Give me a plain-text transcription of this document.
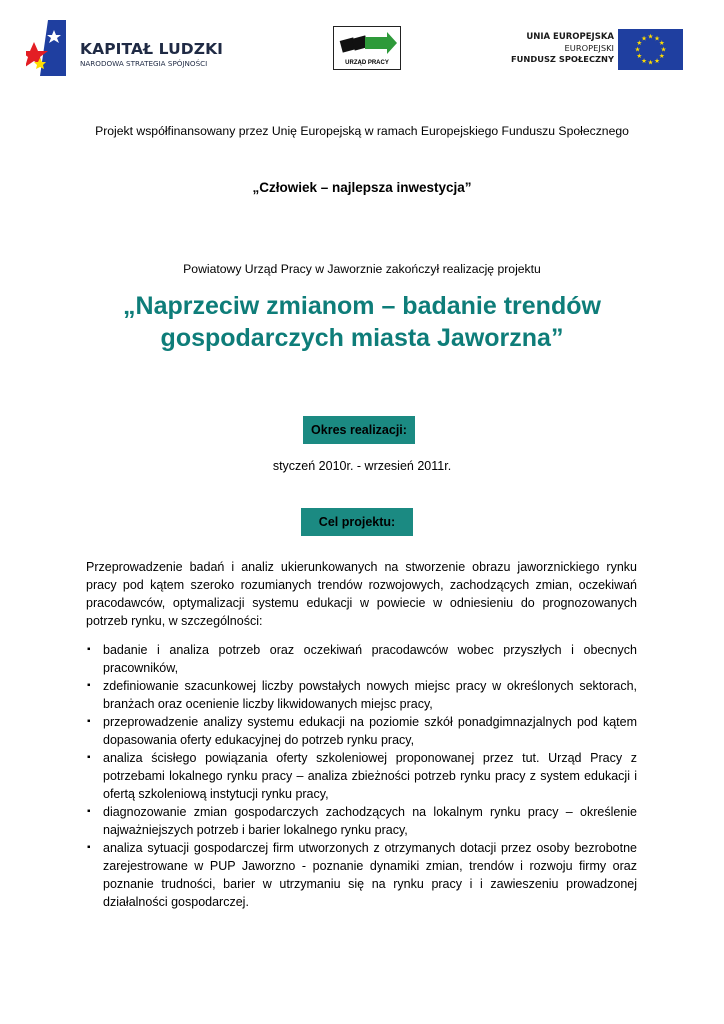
KAPITAŁ LUDZKI
NARODOWA STRATEGIA SPÓJNOŚCI	URZĄD PRACY
UNIA EUROPEJSKA
EUROPEJSKI
FUNDUSZ SPOŁECZNY
★ ★
★
★
★
★
★
★
★
★
★
★
Projekt współfinansowany przez Unię Europejską w ramach Europejskiego Funduszu Społecznego
„Człowiek – najlepsza inwestycja”
Powiatowy Urząd Pracy w Jaworznie zakończył realizację projektu
„Naprzeciw zmianom – badanie trendów
gospodarczych miasta Jaworzna”
Okres realizacji:
styczeń 2010r. - wrzesień 2011r.
Cel projektu:
Przeprowadzenie badań i analiz ukierunkowanych na stworzenie obrazu jaworznickiego rynku pracy pod kątem szeroko rozumianych trendów rozwojowych, zachodzących zmian, oczekiwań pracodawców, optymalizacji systemu edukacji w powiecie w odniesieniu do prognozowanych potrzeb rynku, w szczególności:
▪ badanie i analiza potrzeb oraz oczekiwań pracodawców wobec przyszłych i obecnych pracowników,
▪ zdefiniowanie szacunkowej liczby powstałych nowych miejsc pracy w określonych sektorach, branżach oraz ocenienie liczby likwidowanych miejsc pracy,
▪ przeprowadzenie analizy systemu edukacji na poziomie szkół ponadgimnazjalnych pod kątem dopasowania oferty edukacyjnej do potrzeb rynku pracy,
▪ analiza ścisłego powiązania oferty szkoleniowej proponowanej przez tut. Urząd Pracy z potrzebami lokalnego rynku pracy – analiza zbieżności potrzeb rynku pracy z system edukacji i ofertą szkoleniową instytucji rynku pracy,
▪ diagnozowanie zmian gospodarczych zachodzących na lokalnym rynku pracy – określenie najważniejszych potrzeb i barier lokalnego rynku pracy,
▪ analiza sytuacji gospodarczej firm utworzonych z otrzymanych dotacji przez osoby bezrobotne zarejestrowane w PUP Jaworzno - poznanie dynamiki zmian, trendów i rozwoju firmy oraz poznanie trudności, barier w utrzymaniu się na rynku pracy i i zawieszeniu prowadzonej działalności gospodarczej.
